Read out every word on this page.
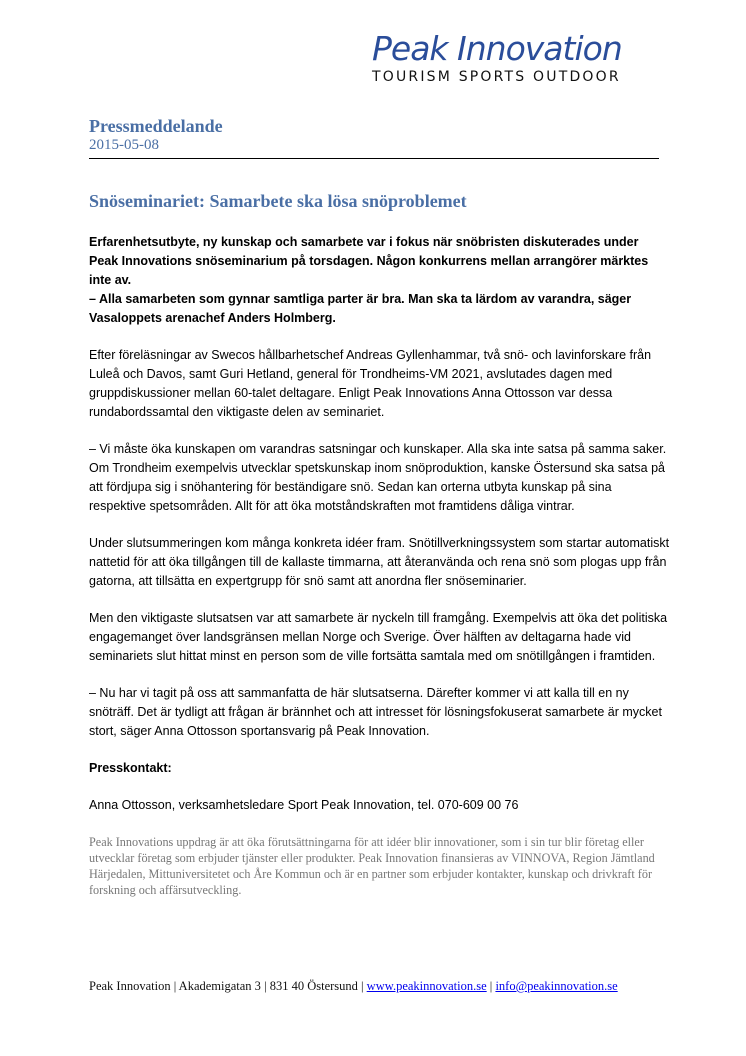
Peak Innovation
TOURISM SPORTS OUTDOOR
Pressmeddelande
2015-05-08
Snöseminariet: Samarbete ska lösa snöproblemet

Erfarenhetsutbyte, ny kunskap och samarbete var i fokus när snöbristen diskuterades under Peak Innovations snöseminarium på torsdagen. Någon konkurrens mellan arrangörer märktes inte av.
– Alla samarbeten som gynnar samtliga parter är bra. Man ska ta lärdom av varandra, säger Vasaloppets arenachef Anders Holmberg.

Efter föreläsningar av Swecos hållbarhetschef Andreas Gyllenhammar, två snö- och lavinforskare från Luleå och Davos, samt Guri Hetland, general för Trondheims-VM 2021, avslutades dagen med gruppdiskussioner mellan 60-talet deltagare. Enligt Peak Innovations Anna Ottosson var dessa rundabordssamtal den viktigaste delen av seminariet.

– Vi måste öka kunskapen om varandras satsningar och kunskaper. Alla ska inte satsa på samma saker. Om Trondheim exempelvis utvecklar spetskunskap inom snöproduktion, kanske Östersund ska satsa på att fördjupa sig i snöhantering för beständigare snö. Sedan kan orterna utbyta kunskap på sina respektive spetsområden. Allt för att öka motståndskraften mot framtidens dåliga vintrar.

Under slutsummeringen kom många konkreta idéer fram. Snötillverkningssystem som startar automatiskt nattetid för att öka tillgången till de kallaste timmarna, att återanvända och rena snö som plogas upp från gatorna, att tillsätta en expertgrupp för snö samt att anordna fler snöseminarier.

Men den viktigaste slutsatsen var att samarbete är nyckeln till framgång. Exempelvis att öka det politiska engagemanget över landsgränsen mellan Norge och Sverige. Över hälften av deltagarna hade vid seminariets slut hittat minst en person som de ville fortsätta samtala med om snötillgången i framtiden.

– Nu har vi tagit på oss att sammanfatta de här slutsatserna. Därefter kommer vi att kalla till en ny snöträff. Det är tydligt att frågan är brännhet och att intresset för lösningsfokuserat samarbete är mycket stort, säger Anna Ottosson sportansvarig på Peak Innovation.

Presskontakt:

Anna Ottosson, verksamhetsledare Sport Peak Innovation, tel. 070-609 00 76

Peak Innovations uppdrag är att öka förutsättningarna för att idéer blir innovationer, som i sin tur blir företag eller utvecklar företag som erbjuder tjänster eller produkter. Peak Innovation finansieras av VINNOVA, Region Jämtland Härjedalen, Mittuniversitetet och Åre Kommun och är en partner som erbjuder kontakter, kunskap och drivkraft för forskning och affärsutveckling.
Peak Innovation | Akademigatan 3 | 831 40 Östersund | www.peakinnovation.se | info@peakinnovation.se
